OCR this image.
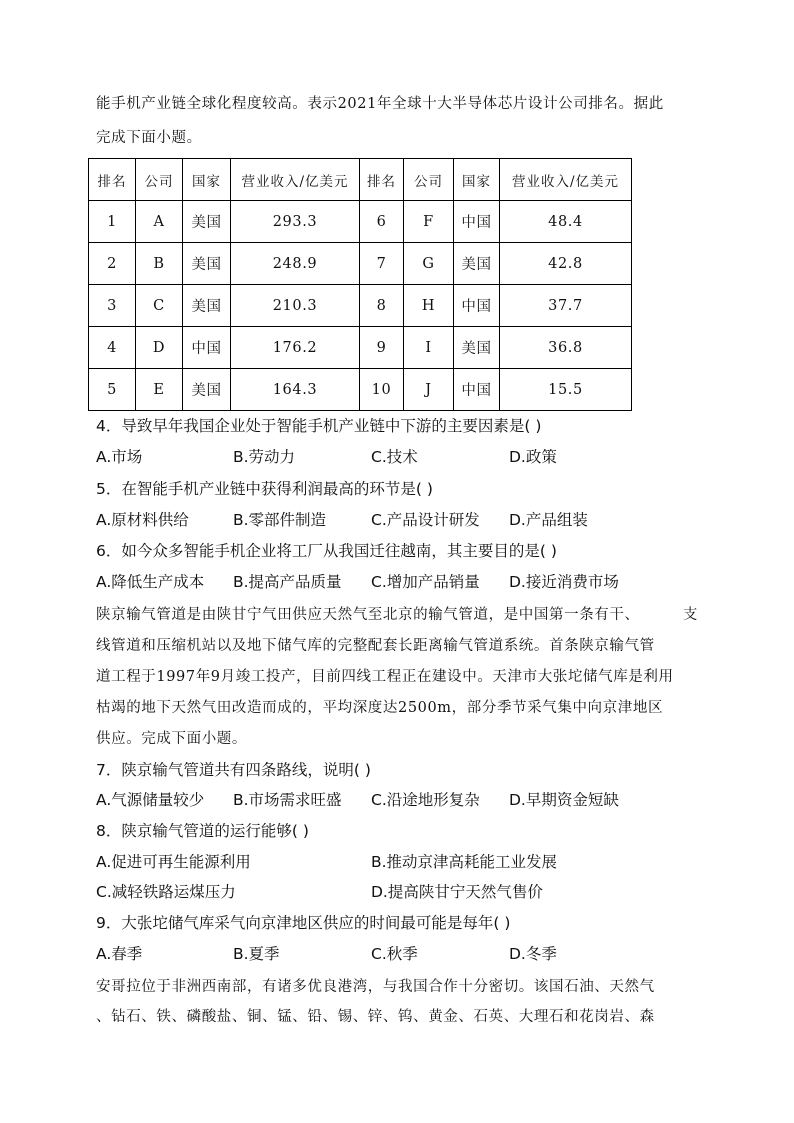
能手机产业链全球化程度较高。表示2021年全球十大半导体芯片设计公司排名。据此
完成下面小题。
排名	公司	国家	营业收入/亿美元	排名	公司	国家	营业收入/亿美元
1	A	美国	293.3	6	F	中国	48.4
2	B	美国	248.9	7	G	美国	42.8
3	C	美国	210.3	8	H	中国	37.7
4	D	中国	176.2	9	I	美国	36.8
5	E	美国	164.3	10	J	中国	15.5
4．导致早年我国企业处于智能手机产业链中下游的主要因素是( )
A.市场	B.劳动力	C.技术	D.政策
5．在智能手机产业链中获得利润最高的环节是( )
A.原材料供给	B.零部件制造	C.产品设计研发 D.产品组装
6．如今众多智能手机企业将工厂从我国迁往越南，其主要目的是( )
A.降低生产成本 B.提高产品质量 C.增加产品销量 D.接近消费市场
陕京输气管道是由陕甘宁气田供应天然气至北京的输气管道，是中国第一条有干、	支
线管道和压缩机站以及地下储气库的完整配套长距离输气管道系统。首条陕京输气管
道工程于1997年9月竣工投产，目前四线工程正在建设中。天津市大张坨储气库是利用
枯竭的地下天然气田改造而成的，平均深度达2500m，部分季节采气集中向京津地区
供应。完成下面小题。
7．陕京输气管道共有四条路线，说明( )
A.气源储量较少 B.市场需求旺盛 C.沿途地形复杂 D.早期资金短缺
8．陕京输气管道的运行能够( )
A.促进可再生能源利用	B.推动京津高耗能工业发展
C.减轻铁路运煤压力	D.提高陕甘宁天然气售价
9．大张坨储气库采气向京津地区供应的时间最可能是每年( )
A.春季	B.夏季	C.秋季	D.冬季
安哥拉位于非洲西南部，有诸多优良港湾，与我国合作十分密切。该国石油、天然气
、钻石、铁、磷酸盐、铜、锰、铅、锡、锌、钨、黄金、石英、大理石和花岗岩、森
